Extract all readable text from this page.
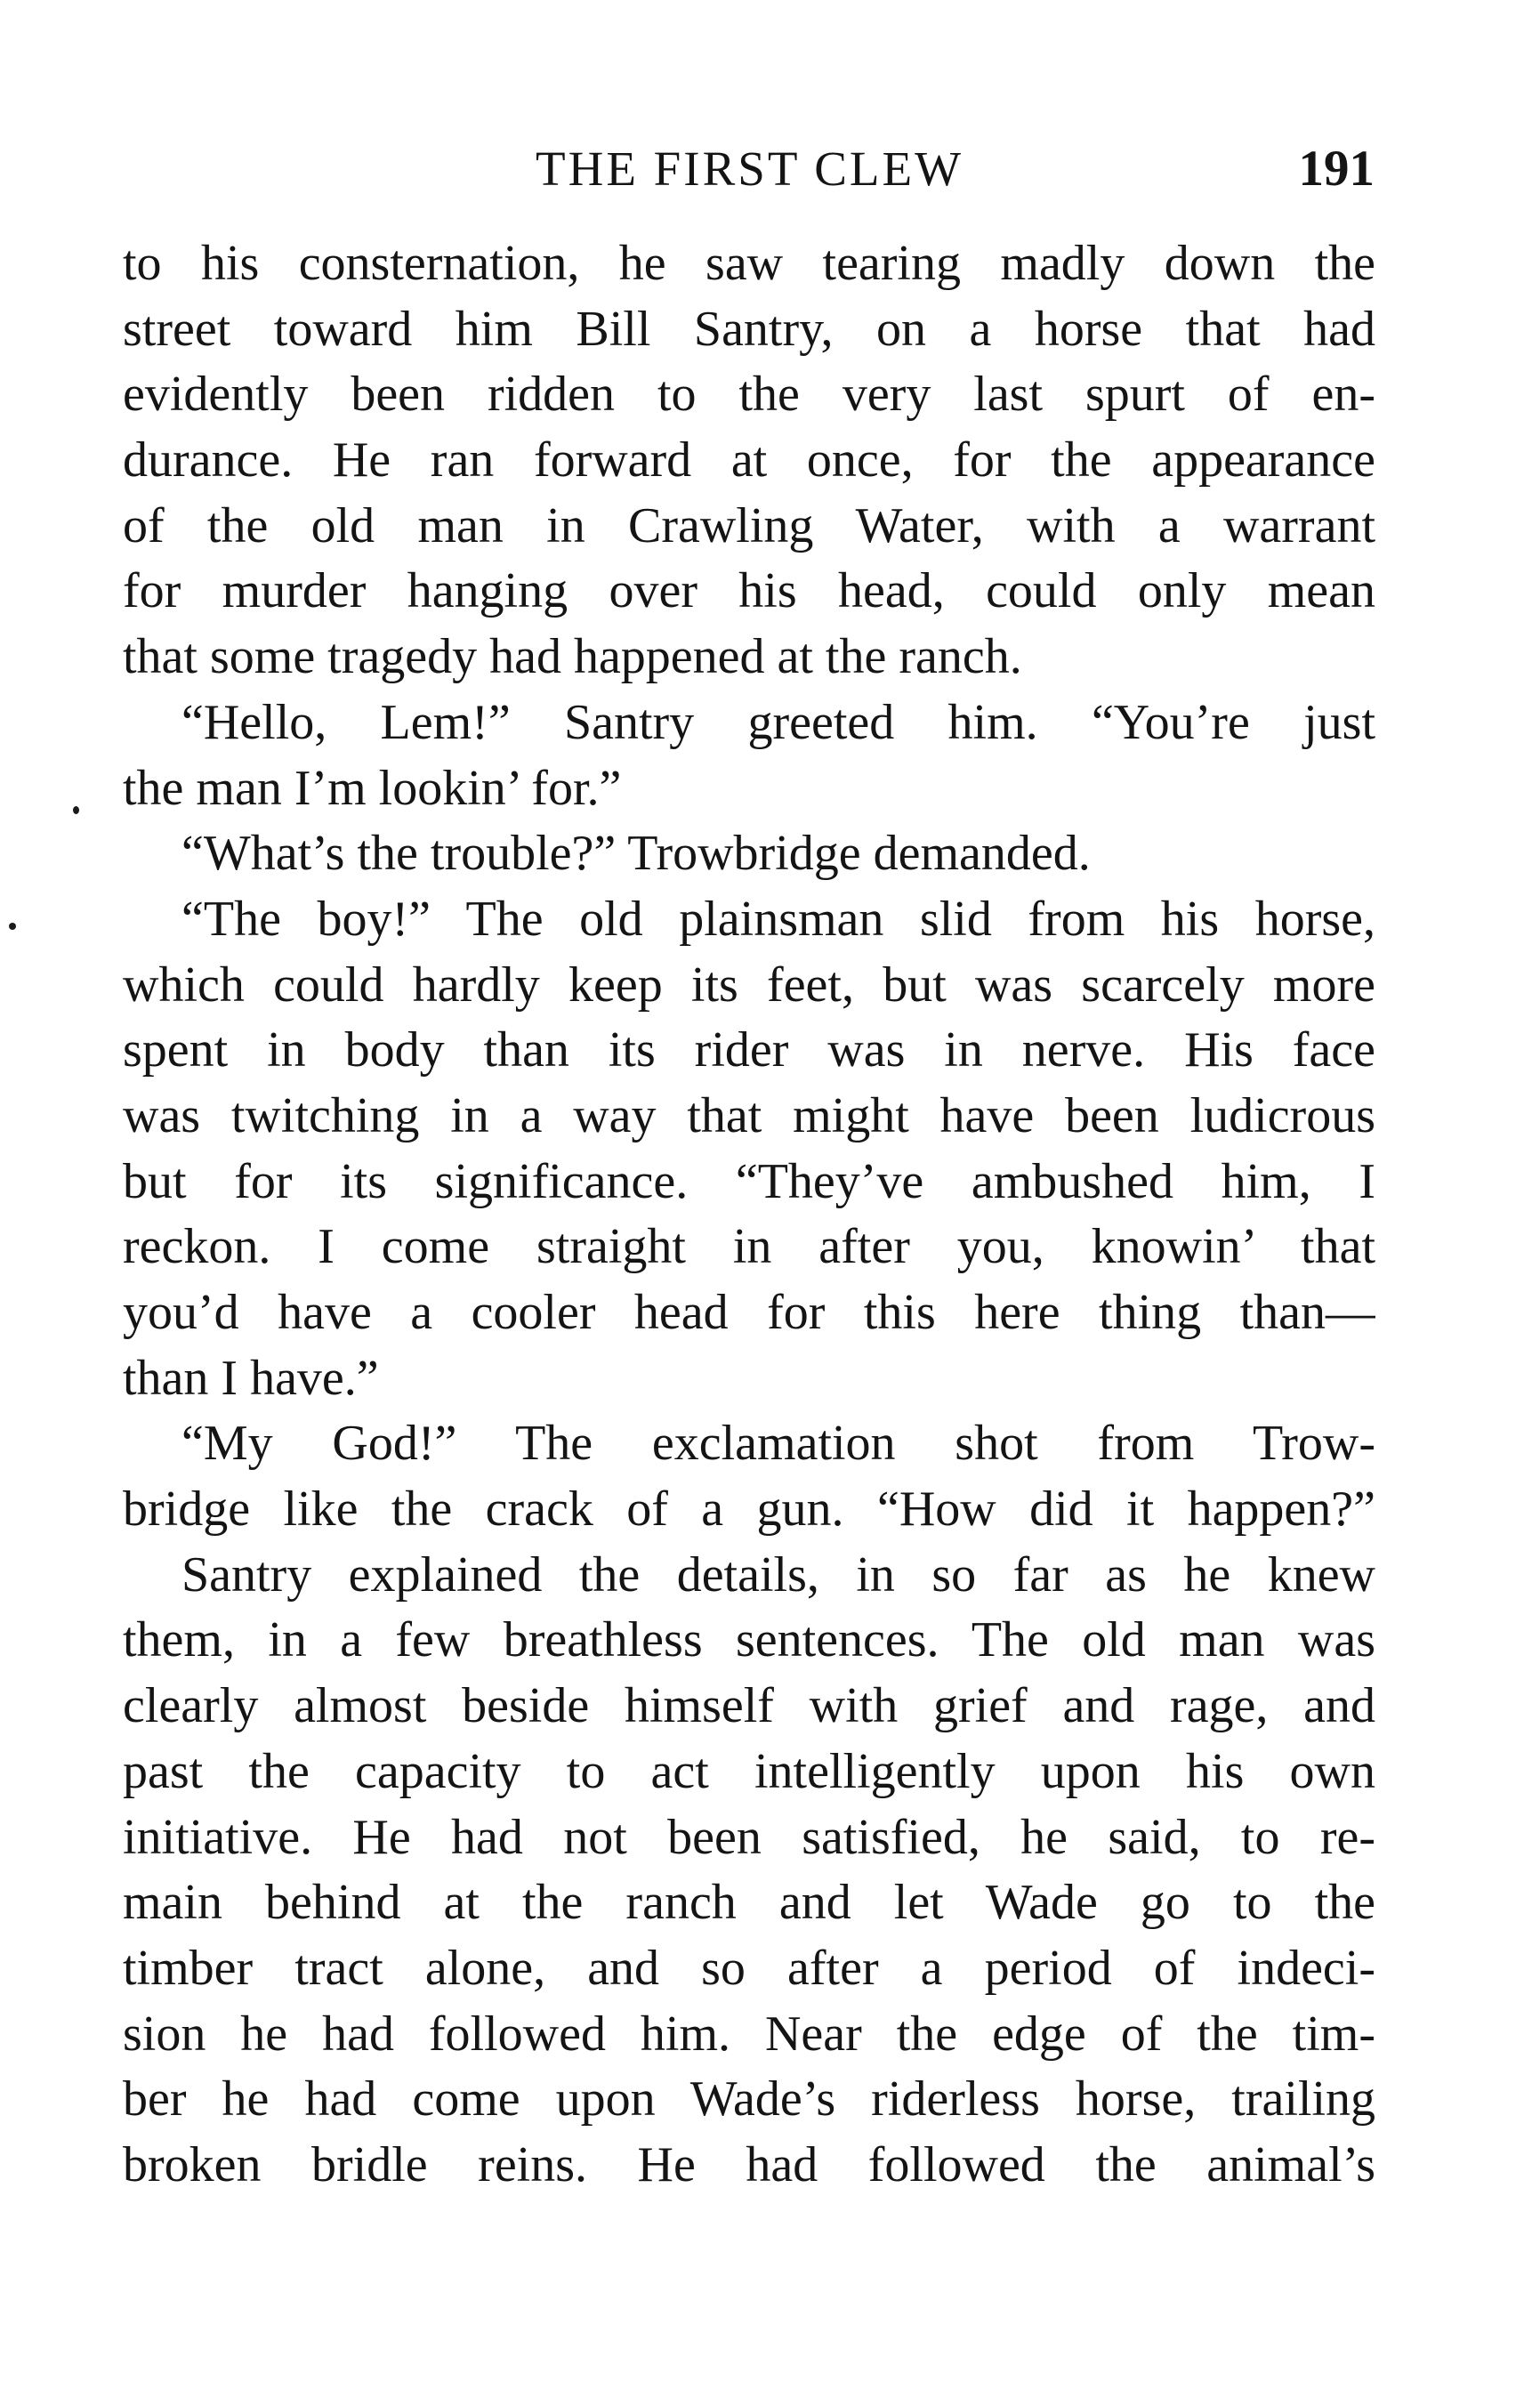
THE FIRST CLEW	191
to his consternation, he saw tearing madly down the
street toward him Bill Santry, on a horse that had
evidently been ridden to the very last spurt of en-
durance. He ran forward at once, for the appearance
of the old man in Crawling Water, with a warrant
for murder hanging over his head, could only mean
that some tragedy had happened at the ranch.
“Hello, Lem!” Santry greeted him. “You’re just
the man I’m lookin’ for.”
“What’s the trouble?” Trowbridge demanded.
“The boy!” The old plainsman slid from his horse,
which could hardly keep its feet, but was scarcely more
spent in body than its rider was in nerve. His face
was twitching in a way that might have been ludicrous
but for its significance. “They’ve ambushed him, I
reckon. I come straight in after you, knowin’ that
you’d have a cooler head for this here thing than—
than I have.”
“My God!” The exclamation shot from Trow-
bridge like the crack of a gun. “How did it happen?”
Santry explained the details, in so far as he knew
them, in a few breathless sentences. The old man was
clearly almost beside himself with grief and rage, and
past the capacity to act intelligently upon his own
initiative. He had not been satisfied, he said, to re-
main behind at the ranch and let Wade go to the
timber tract alone, and so after a period of indeci-
sion he had followed him. Near the edge of the tim-
ber he had come upon Wade’s riderless horse, trailing
broken bridle reins. He had followed the animal’s
